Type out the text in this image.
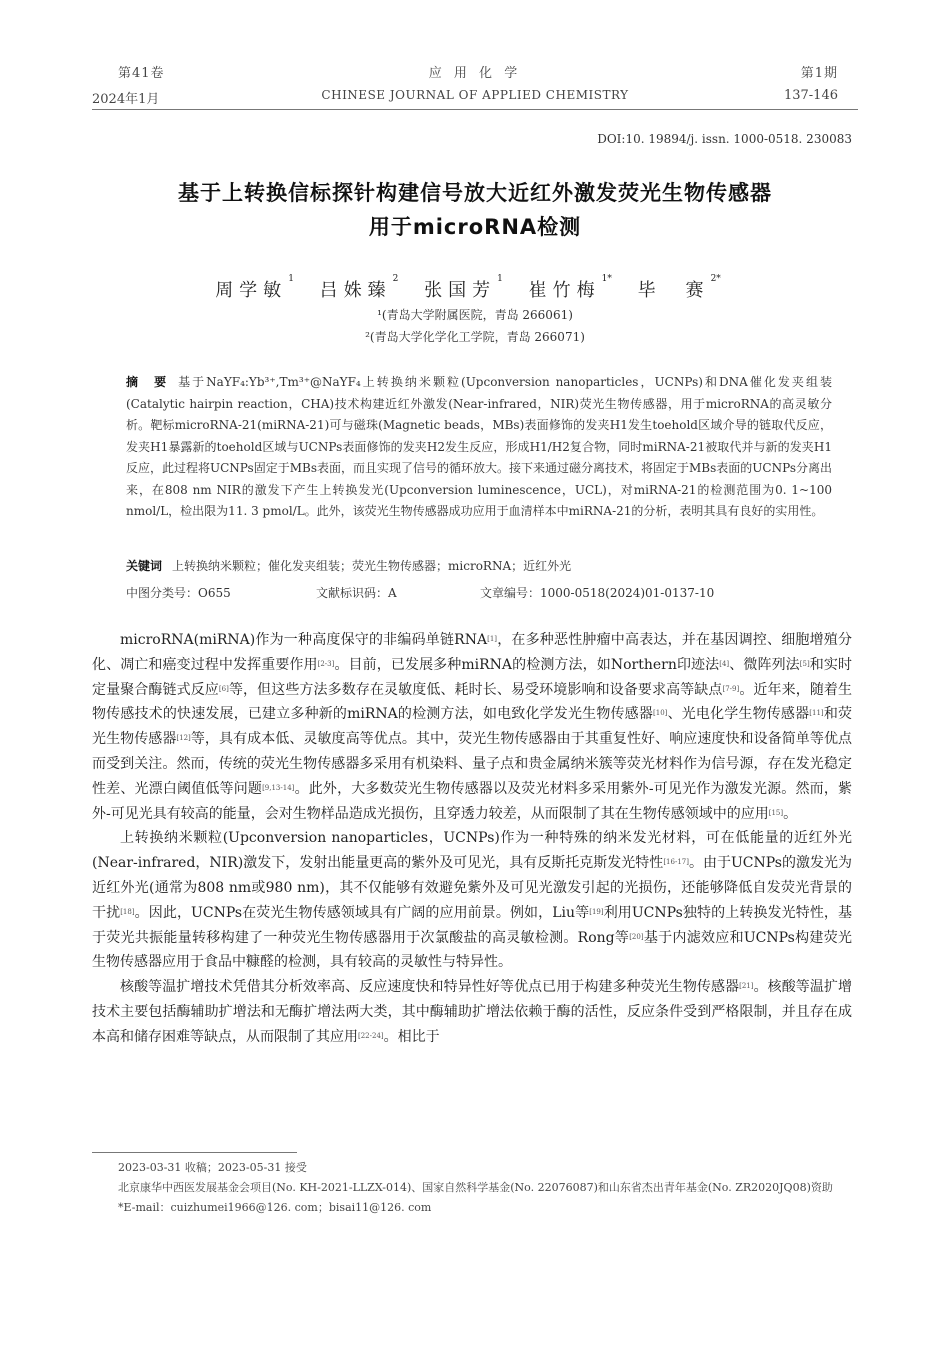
第41卷
2024年1月
应 用 化 学
CHINESE JOURNAL OF APPLIED CHEMISTRY
第1期
137-146
DOI:10. 19894/j. issn. 1000-0518. 230083
基于上转换信标探针构建信号放大近红外激发荧光生物传感器
用于microRNA检测
周学敏$^1$ 吕姝臻$^2$ 张国芳$^1$ 崔竹梅$^{1*}$ 毕　赛$^{2*}$
¹(青岛大学附属医院，青岛 266061)
²(青岛大学化学化工学院，青岛 266071)
摘　要 基于NaYF₄:Yb³⁺,Tm³⁺@NaYF₄上转换纳米颗粒(Upconversion nanoparticles，UCNPs)和DNA催化发夹组装(Catalytic hairpin reaction，CHA)技术构建近红外激发(Near-infrared，NIR)荧光生物传感器，用于microRNA的高灵敏分析。靶标microRNA-21(miRNA-21)可与磁珠(Magnetic beads，MBs)表面修饰的发夹H1发生toehold区域介导的链取代反应，发夹H1暴露新的toehold区域与UCNPs表面修饰的发夹H2发生反应，形成H1/H2复合物，同时miRNA-21被取代并与新的发夹H1反应，此过程将UCNPs固定于MBs表面，而且实现了信号的循环放大。接下来通过磁分离技术，将固定于MBs表面的UCNPs分离出来，在808 nm NIR的激发下产生上转换发光(Upconversion luminescence，UCL)，对miRNA-21的检测范围为0. 1~100 nmol/L，检出限为11. 3 pmol/L。此外，该荧光生物传感器成功应用于血清样本中miRNA-21的分析，表明其具有良好的实用性。
关键词 上转换纳米颗粒；催化发夹组装；荧光生物传感器；microRNA；近红外光
中图分类号：O655	文献标识码：A	文章编号：1000-0518(2024)01-0137-10

microRNA(miRNA)作为一种高度保守的非编码单链RNA[1]，在多种恶性肿瘤中高表达，并在基因调控、细胞增殖分化、凋亡和癌变过程中发挥重要作用[2-3]。目前，已发展多种miRNA的检测方法，如Northern印迹法[4]、微阵列法[5]和实时定量聚合酶链式反应[6]等，但这些方法多数存在灵敏度低、耗时长、易受环境影响和设备要求高等缺点[7-9]。近年来，随着生物传感技术的快速发展，已建立多种新的miRNA的检测方法，如电致化学发光生物传感器[10]、光电化学生物传感器[11]和荧光生物传感器[12]等，具有成本低、灵敏度高等优点。其中，荧光生物传感器由于其重复性好、响应速度快和设备简单等优点而受到关注。然而，传统的荧光生物传感器多采用有机染料、量子点和贵金属纳米簇等荧光材料作为信号源，存在发光稳定性差、光漂白阈值低等问题[9,13-14]。此外，大多数荧光生物传感器以及荧光材料多采用紫外-可见光作为激发光源。然而，紫外-可见光具有较高的能量，会对生物样品造成光损伤，且穿透力较差，从而限制了其在生物传感领域中的应用[15]。

上转换纳米颗粒(Upconversion nanoparticles，UCNPs)作为一种特殊的纳米发光材料，可在低能量的近红外光(Near-infrared，NIR)激发下，发射出能量更高的紫外及可见光，具有反斯托克斯发光特性[16-17]。由于UCNPs的激发光为近红外光(通常为808 nm或980 nm)，其不仅能够有效避免紫外及可见光激发引起的光损伤，还能够降低自发荧光背景的干扰[18]。因此，UCNPs在荧光生物传感领域具有广阔的应用前景。例如，Liu等[19]利用UCNPs独特的上转换发光特性，基于荧光共振能量转移构建了一种荧光生物传感器用于次氯酸盐的高灵敏检测。Rong等[20]基于内滤效应和UCNPs构建荧光生物传感器应用于食品中糠醛的检测，具有较高的灵敏性与特异性。

核酸等温扩增技术凭借其分析效率高、反应速度快和特异性好等优点已用于构建多种荧光生物传感器[21]。核酸等温扩增技术主要包括酶辅助扩增法和无酶扩增法两大类，其中酶辅助扩增法依赖于酶的活性，反应条件受到严格限制，并且存在成本高和储存困难等缺点，从而限制了其应用[22-24]。相比于

2023-03-31 收稿；2023-05-31 接受
北京康华中西医发展基金会项目(No. KH-2021-LLZX-014)、国家自然科学基金(No. 22076087)和山东省杰出青年基金(No. ZR2020JQ08)资助
*E-mail：cuizhumei1966@126. com；bisai11@126. com
